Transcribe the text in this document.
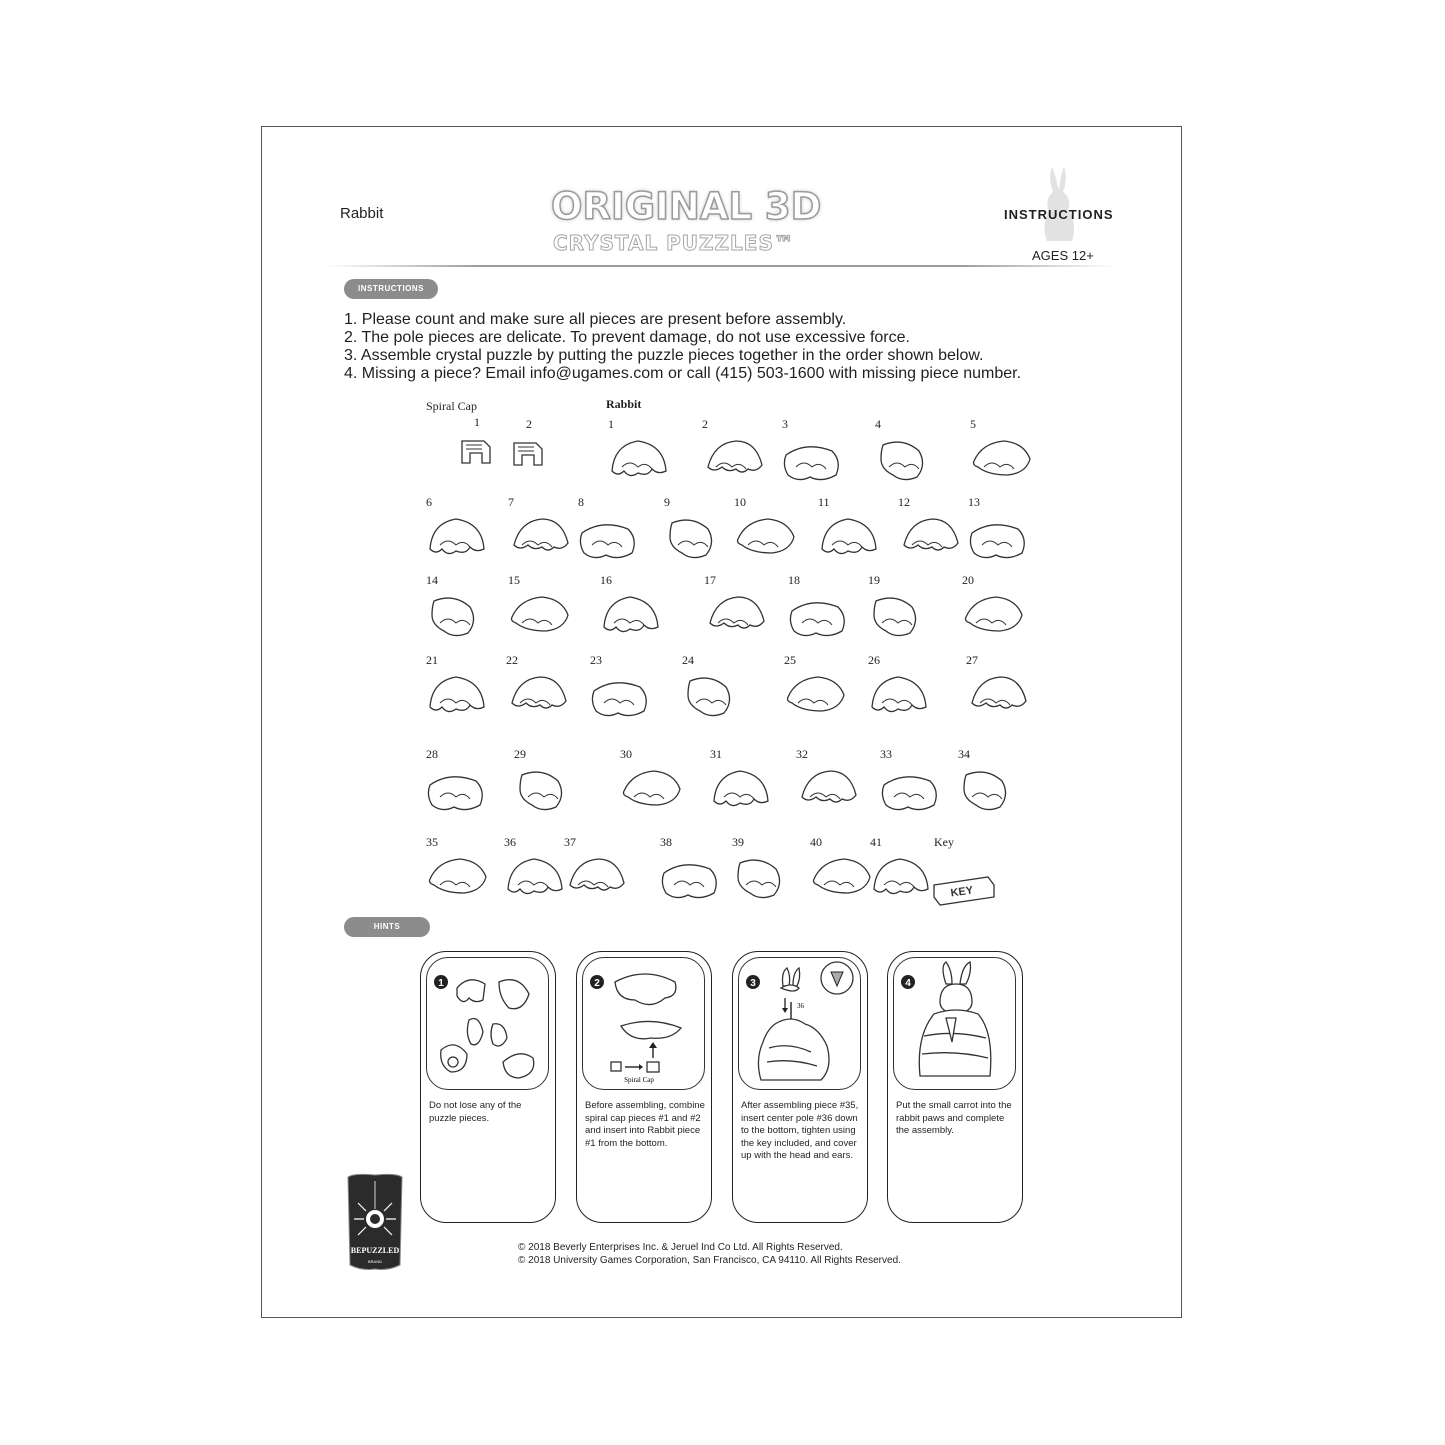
Rabbit	ORIGINAL 3D
CRYSTAL PUZZLES™
INSTRUCTIONS
AGES 12+
INSTRUCTIONS
1. Please count and make sure all pieces are present before assembly.
2. The pole pieces are delicate. To prevent damage, do not use excessive force.
3. Assemble crystal puzzle by putting the puzzle pieces together in the order shown below.
4. Missing a piece? Email info@ugames.com or call (415) 503-1600 with missing piece number.
Spiral Cap	Rabbit
HINTS
1
Do not lose any of the puzzle pieces.
2
Spiral Cap
Before assembling, combine spiral cap pieces #1 and #2 and insert into Rabbit piece #1 from the bottom.
3
36
After assembling piece #35, insert center pole #36 down to the bottom, tighten using the key included, and cover up with the head and ears.
4
Put the small carrot into the rabbit paws and complete the assembly.
BEPUZZLED
BRAND
© 2018 Beverly Enterprises Inc. & Jeruel Ind Co Ltd. All Rights Reserved.
© 2018 University Games Corporation, San Francisco, CA 94110. All Rights Reserved.
1	2	1	2	3	4	5
6	7	8	9	10	11	12	13
14	15	16	17	18	19	20
21	22	23	24	25	26	27
28	29	30	31	32	33	34
35	36	37	38	39	40	41	Key
KEY
